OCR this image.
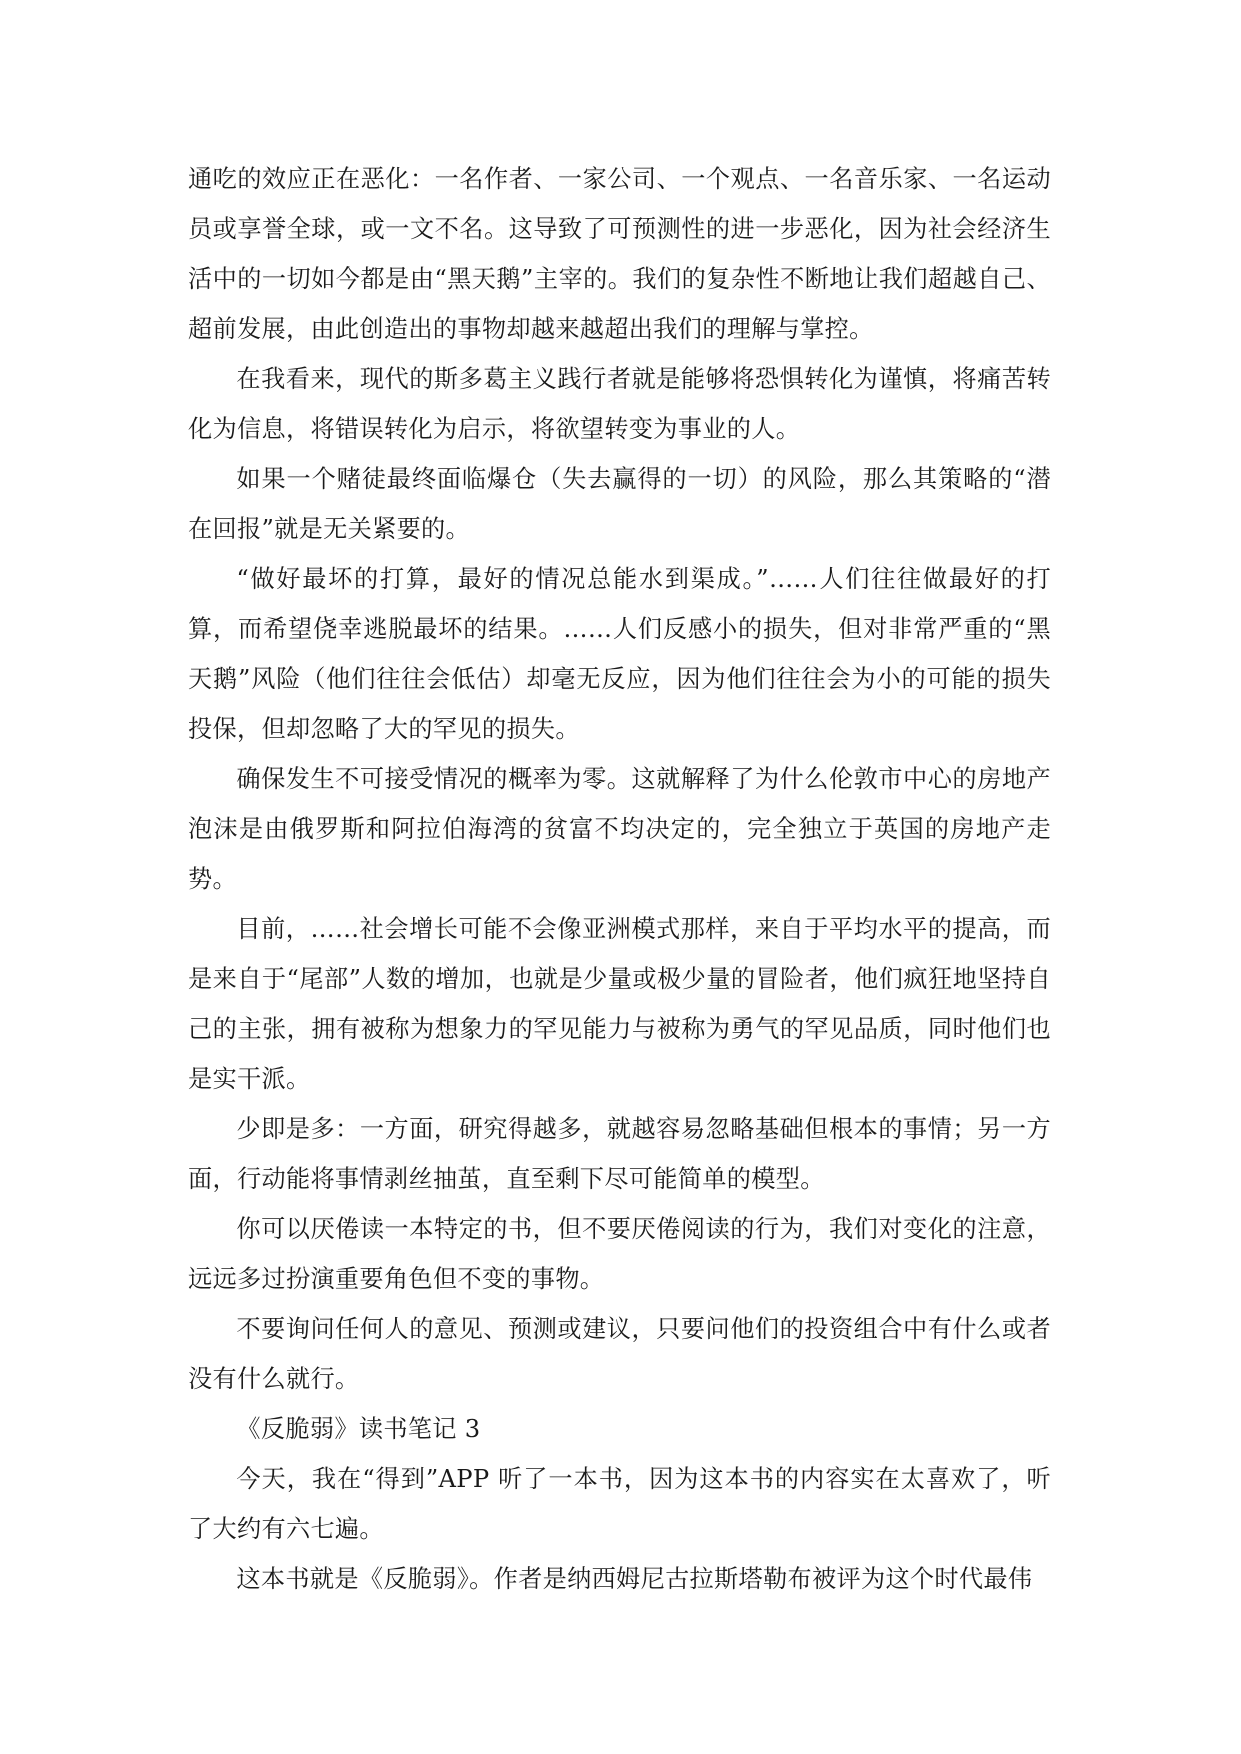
通吃的效应正在恶化：一名作者、一家公司、一个观点、一名音乐家、一名运动员或享誉全球，或一文不名。这导致了可预测性的进一步恶化，因为社会经济生活中的一切如今都是由“黑天鹅”主宰的。我们的复杂性不断地让我们超越自己、超前发展，由此创造出的事物却越来越超出我们的理解与掌控。

在我看来，现代的斯多葛主义践行者就是能够将恐惧转化为谨慎，将痛苦转化为信息，将错误转化为启示，将欲望转变为事业的人。

如果一个赌徒最终面临爆仓（失去赢得的一切）的风险，那么其策略的“潜在回报”就是无关紧要的。

“做好最坏的打算，最好的情况总能水到渠成。”……人们往往做最好的打算，而希望侥幸逃脱最坏的结果。……人们反感小的损失，但对非常严重的“黑天鹅”风险（他们往往会低估）却毫无反应，因为他们往往会为小的可能的损失投保，但却忽略了大的罕见的损失。

确保发生不可接受情况的概率为零。这就解释了为什么伦敦市中心的房地产泡沫是由俄罗斯和阿拉伯海湾的贫富不均决定的，完全独立于英国的房地产走势。

目前，……社会增长可能不会像亚洲模式那样，来自于平均水平的提高，而是来自于“尾部”人数的增加，也就是少量或极少量的冒险者，他们疯狂地坚持自己的主张，拥有被称为想象力的罕见能力与被称为勇气的罕见品质，同时他们也是实干派。

少即是多：一方面，研究得越多，就越容易忽略基础但根本的事情；另一方面，行动能将事情剥丝抽茧，直至剩下尽可能简单的模型。

你可以厌倦读一本特定的书，但不要厌倦阅读的行为，我们对变化的注意，远远多过扮演重要角色但不变的事物。

不要询问任何人的意见、预测或建议，只要问他们的投资组合中有什么或者没有什么就行。

《反脆弱》读书笔记 3

今天，我在“得到”APP 听了一本书，因为这本书的内容实在太喜欢了，听了大约有六七遍。

这本书就是《反脆弱》。作者是纳西姆尼古拉斯塔勒布被评为这个时代最伟
